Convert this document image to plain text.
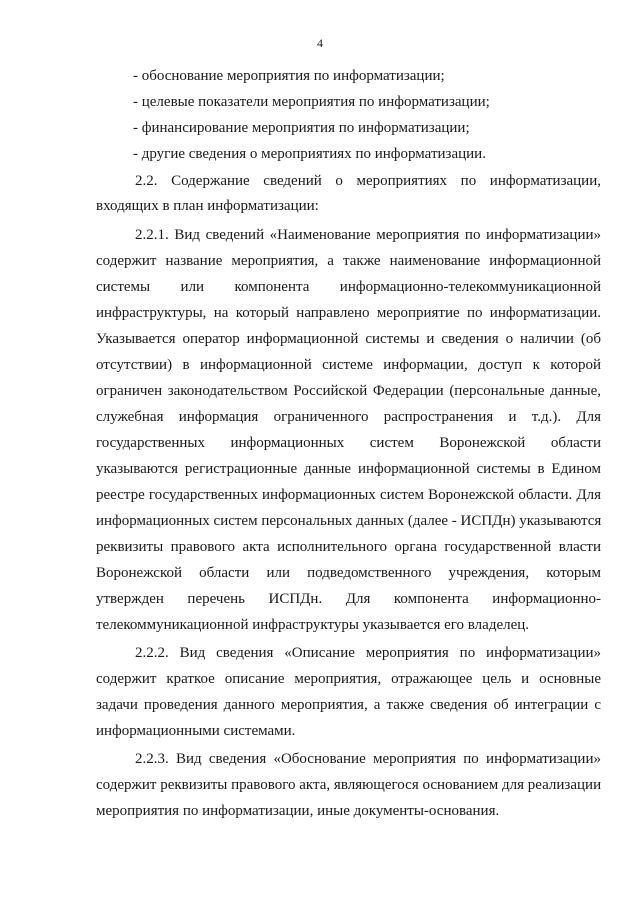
4
- обоснование мероприятия по информатизации;
- целевые показатели мероприятия по информатизации;
- финансирование мероприятия по информатизации;
- другие сведения о мероприятиях по информатизации.
2.2. Содержание сведений о мероприятиях по информатизации,
входящих в план информатизации:
2.2.1. Вид сведений «Наименование мероприятия по информатизации»
содержит название мероприятия, а также наименование информационной
системы или компонента информационно-телекоммуникационной
инфраструктуры, на который направлено мероприятие по информатизации.
Указывается оператор информационной системы и сведения о наличии (об
отсутствии) в информационной системе информации, доступ к которой
ограничен законодательством Российской Федерации (персональные данные,
служебная информация ограниченного распространения и т.д.). Для
государственных информационных систем Воронежской области
указываются регистрационные данные информационной системы в Едином
реестре государственных информационных систем Воронежской области. Для
информационных систем персональных данных (далее - ИСПДн) указываются
реквизиты правового акта исполнительного органа государственной власти
Воронежской области или подведомственного учреждения, которым
утвержден перечень ИСПДн. Для компонента информационно-
телекоммуникационной инфраструктуры указывается его владелец.
2.2.2. Вид сведения «Описание мероприятия по информатизации»
содержит краткое описание мероприятия, отражающее цель и основные
задачи проведения данного мероприятия, а также сведения об интеграции с
информационными системами.
2.2.3. Вид сведения «Обоснование мероприятия по информатизации»
содержит реквизиты правового акта, являющегося основанием для реализации
мероприятия по информатизации, иные документы-основания.
